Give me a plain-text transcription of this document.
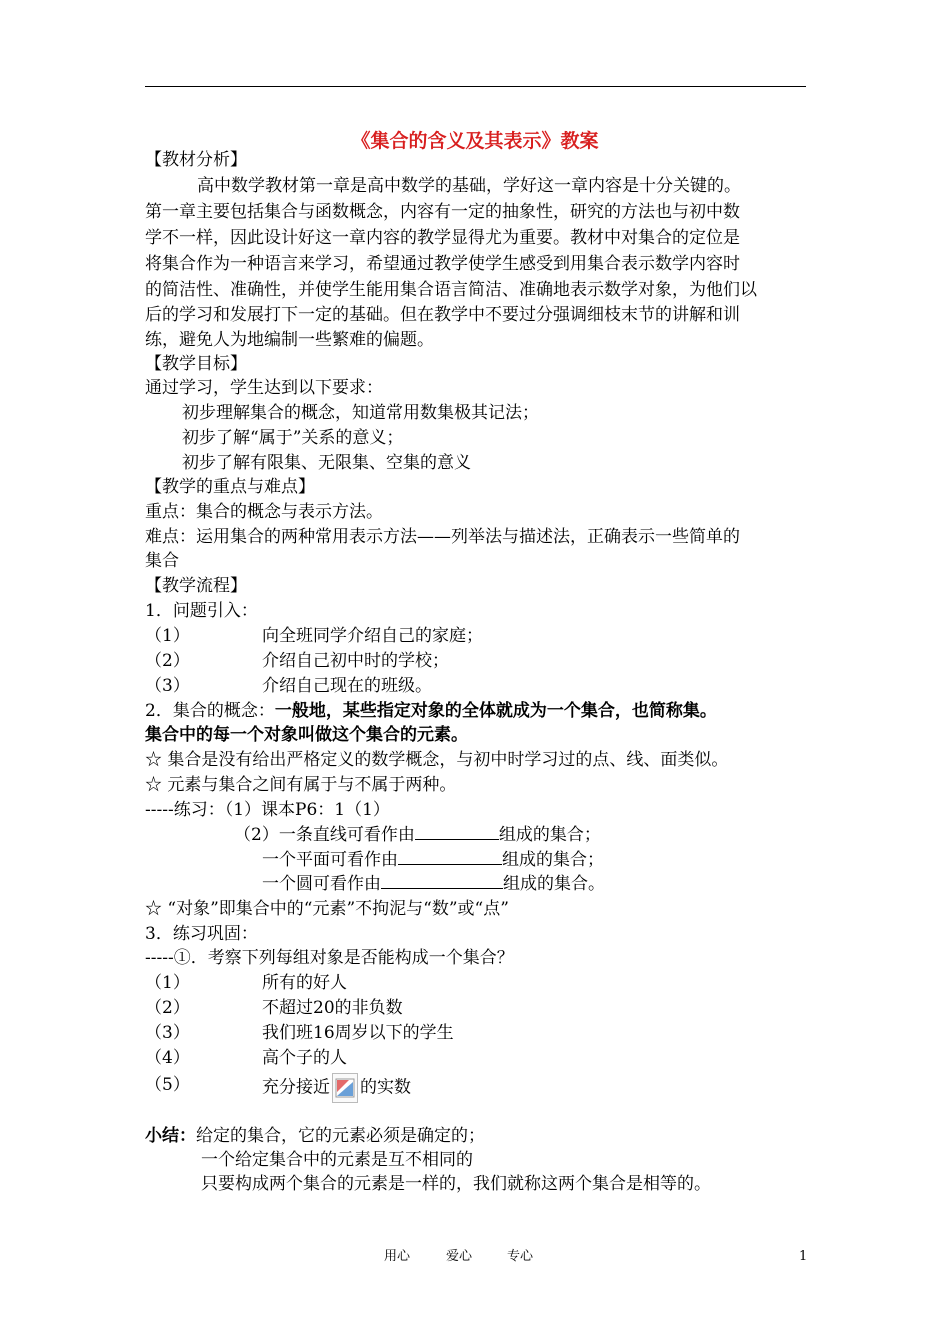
《集合的含义及其表示》教案
【教材分析】
高中数学教材第一章是高中数学的基础，学好这一章内容是十分关键的。
第一章主要包括集合与函数概念，内容有一定的抽象性，研究的方法也与初中数
学不一样，因此设计好这一章内容的教学显得尤为重要。教材中对集合的定位是
将集合作为一种语言来学习，希望通过教学使学生感受到用集合表示数学内容时
的简洁性、准确性，并使学生能用集合语言简洁、准确地表示数学对象，为他们以
后的学习和发展打下一定的基础。但在教学中不要过分强调细枝末节的讲解和训
练，避免人为地编制一些繁难的偏题。
【教学目标】
通过学习，学生达到以下要求：
初步理解集合的概念，知道常用数集极其记法；
初步了解“属于”关系的意义；
初步了解有限集、无限集、空集的意义
【教学的重点与难点】
重点：集合的概念与表示方法。
难点：运用集合的两种常用表示方法——列举法与描述法，正确表示一些简单的
集合
【教学流程】
1．问题引入：
（1）	向全班同学介绍自己的家庭；
（2）	介绍自己初中时的学校；
（3）	介绍自己现在的班级。
2．集合的概念：一般地，某些指定对象的全体就成为一个集合，也简称集。
集合中的每一个对象叫做这个集合的元素。
☆ 集合是没有给出严格定义的数学概念，与初中时学习过的点、线、面类似。
☆ 元素与集合之间有属于与不属于两种。
-----练习：（1）课本P6：1（1）
（2）一条直线可看作由	组成的集合；
一个平面可看作由	组成的集合；
一个圆可看作由	组成的集合。
☆ “对象”即集合中的“元素”不拘泥与“数”或“点”
3．练习巩固：
-----①．考察下列每组对象是否能构成一个集合？
（1）	所有的好人
（2）	不超过20的非负数
（3）	我们班16周岁以下的学生
（4）	高个子的人
（5）	充分接近 的实数
小结：给定的集合，它的元素必须是确定的；
一个给定集合中的元素是互不相同的
只要构成两个集合的元素是一样的，我们就称这两个集合是相等的。
用心	爱心	专心	1
